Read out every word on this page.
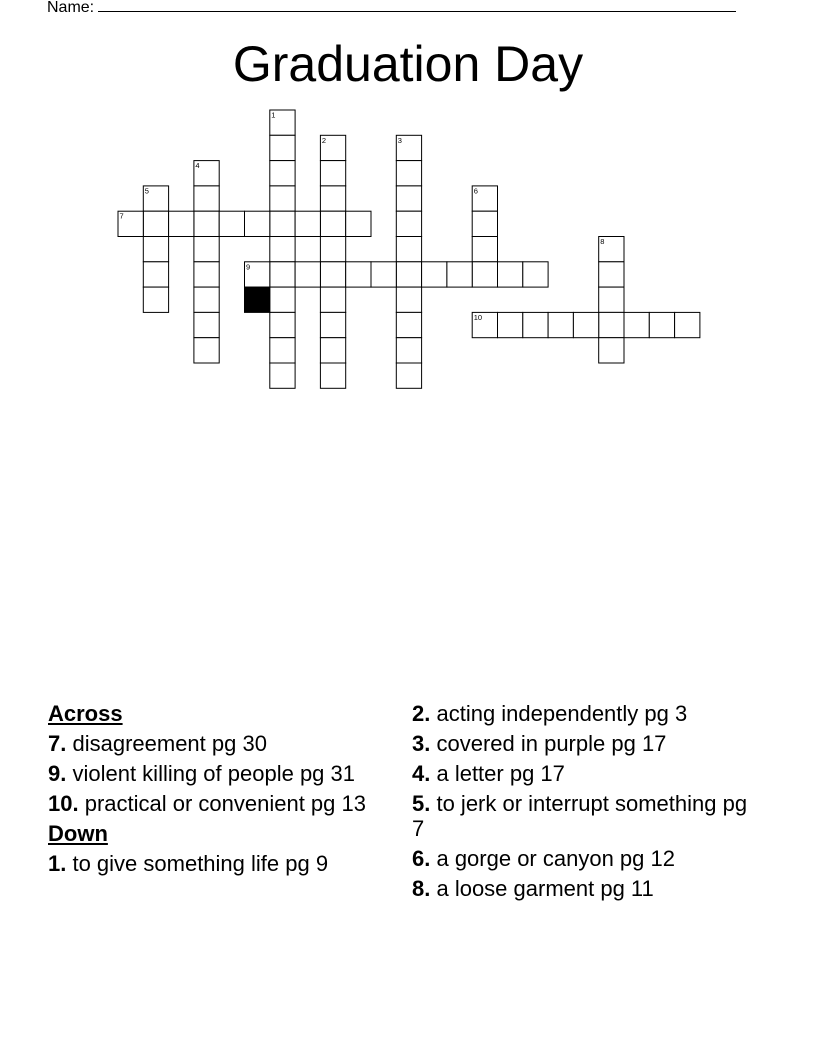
Name:
Graduation Day
1
2	3
4
5	6
7
8
9
10
Across
7. disagreement pg 30
9. violent killing of people pg 31
10. practical or convenient pg 13
Down
1. to give something life pg 9
2. acting independently pg 3
3. covered in purple pg 17
4. a letter pg 17
5. to jerk or interrupt something pg 7
6. a gorge or canyon pg 12
8. a loose garment pg 11
